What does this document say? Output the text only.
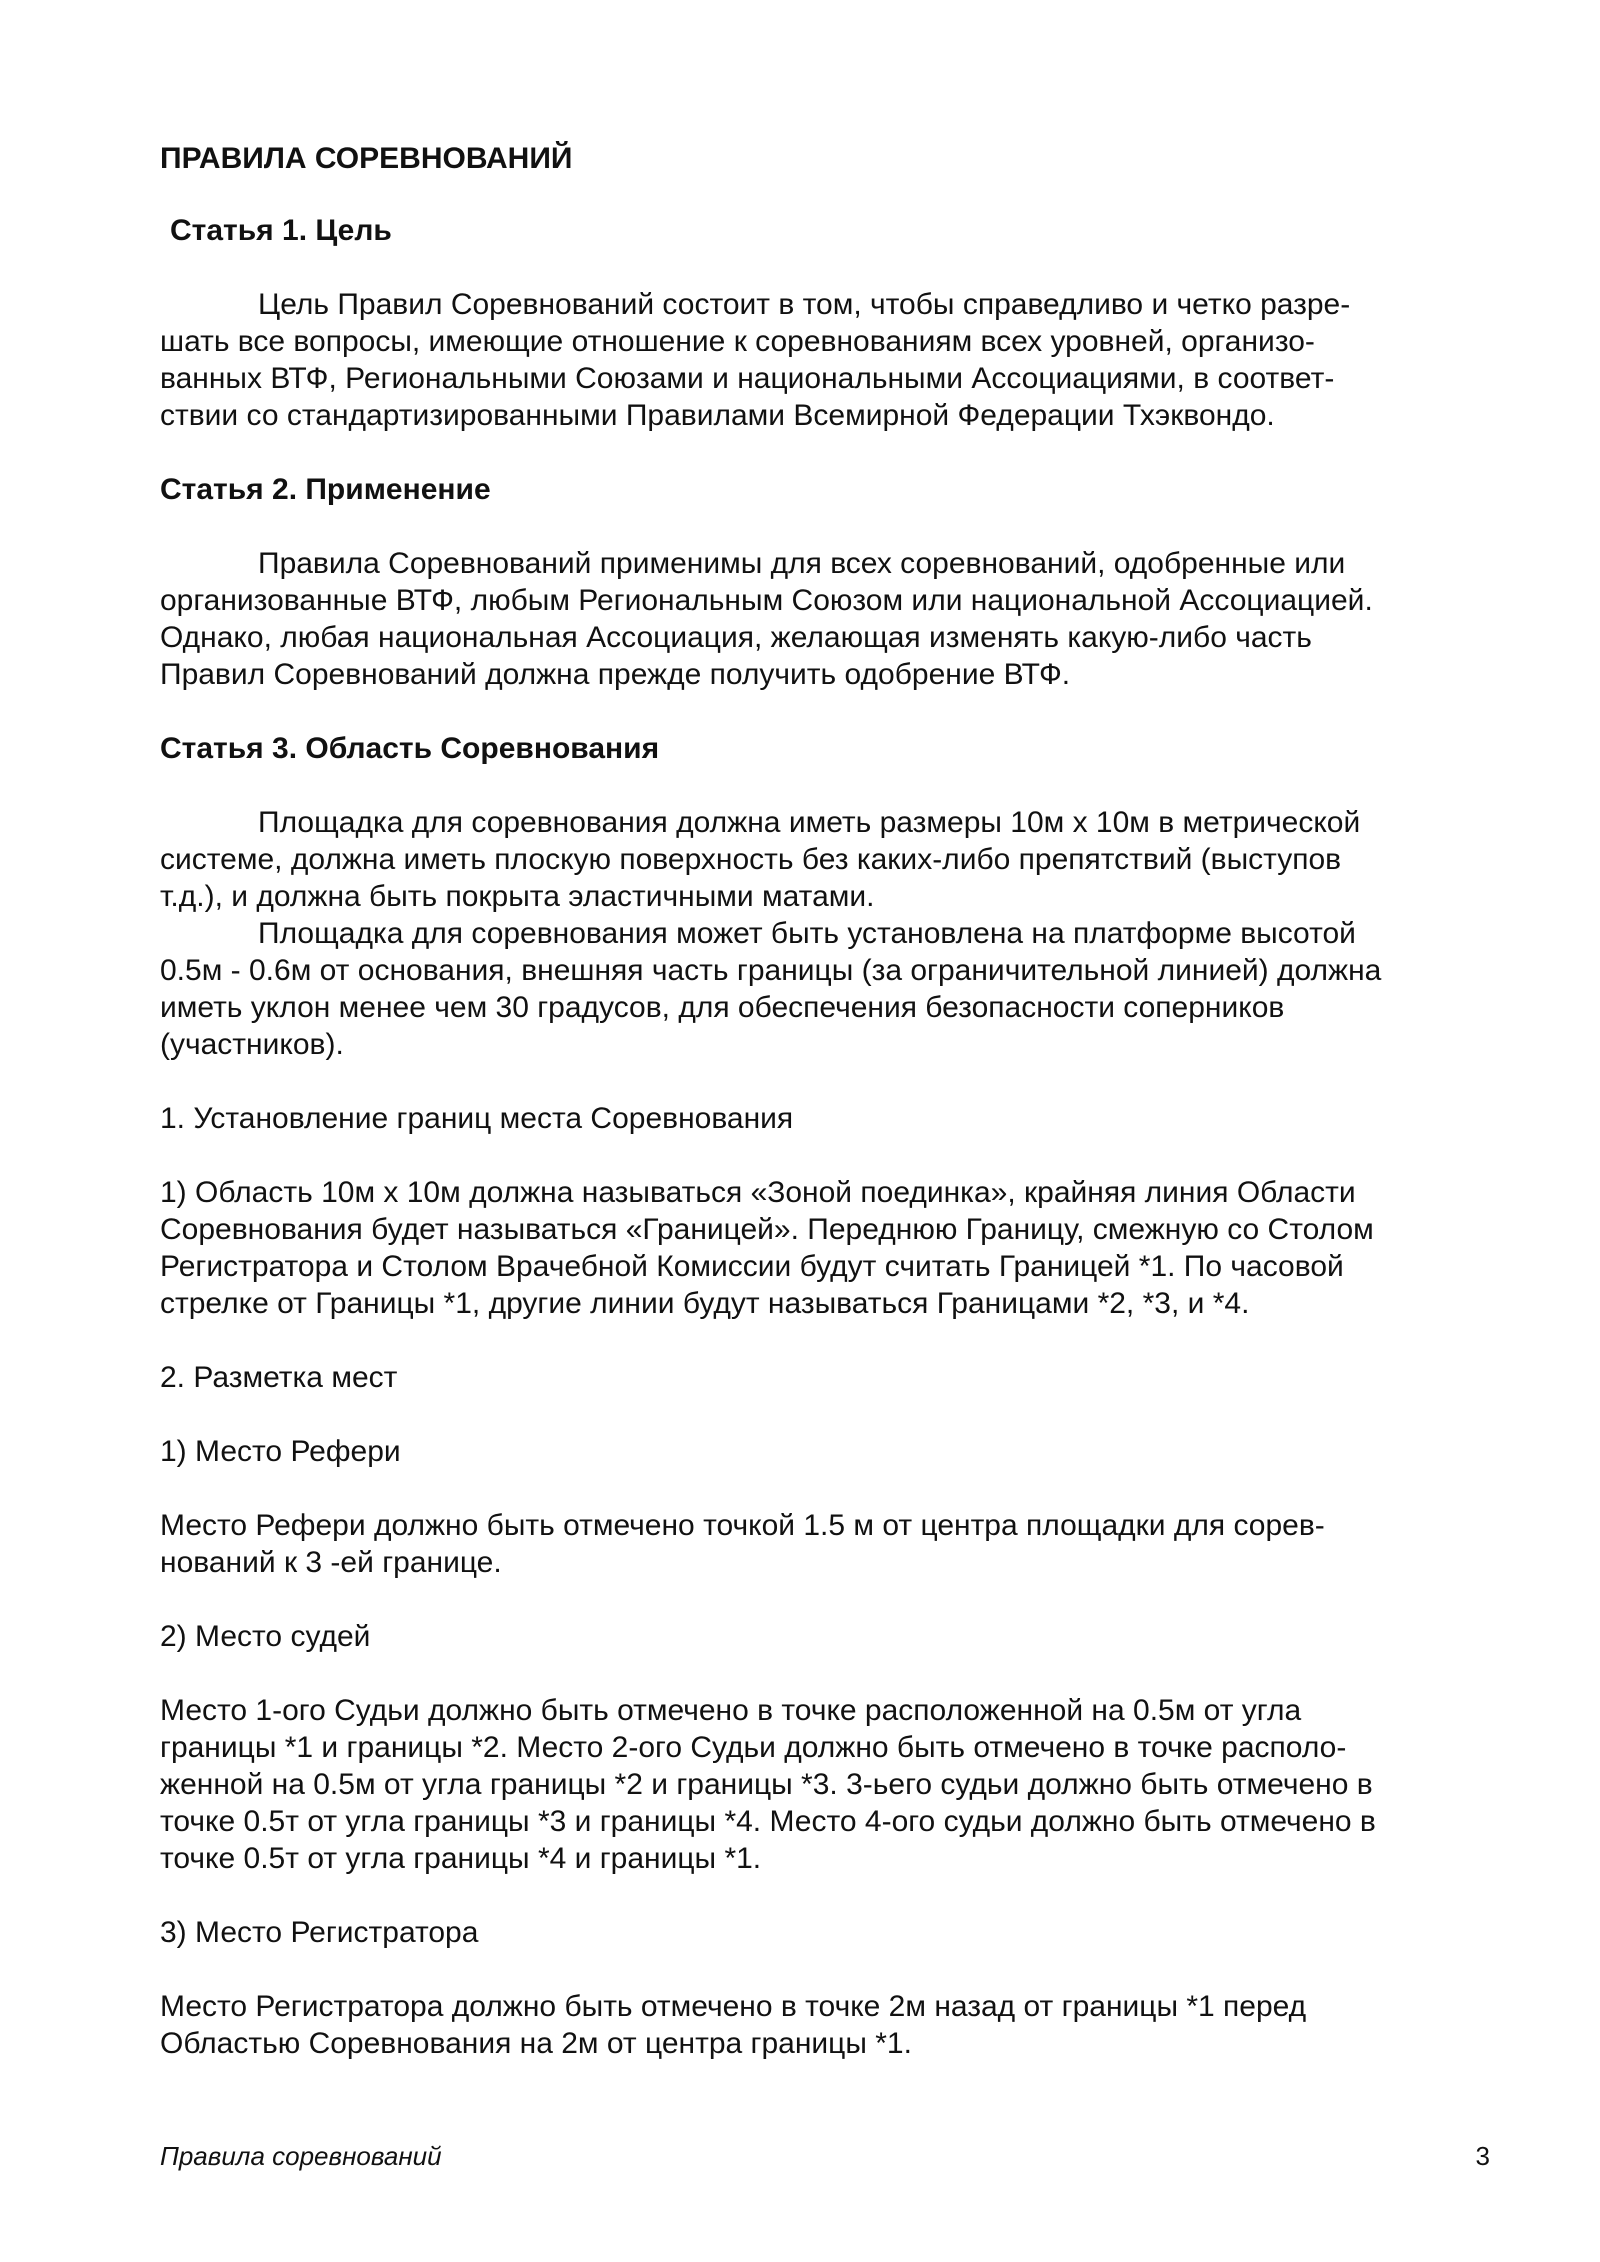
ПРАВИЛА СОРЕВНОВАНИЙ
Статья 1. Цель
Цель Правил Соревнований состоит в том, чтобы справедливо и четко разре-
шать все вопросы, имеющие отношение к соревнованиям всех уровней, организо-
ванных ВТФ, Региональными Союзами и национальными Ассоциациями, в соответ-
ствии со стандартизированными Правилами Всемирной Федерации Тхэквондо.
Статья 2. Применение
Правила Соревнований применимы для всех соревнований, одобренные или
организованные ВТФ, любым Региональным Союзом или национальной Ассоциацией.
Однако, любая национальная Ассоциация, желающая изменять какую-либо часть
Правил Соревнований должна прежде получить одобрение ВТФ.
Статья 3. Область Соревнования
Площадка для соревнования должна иметь размеры 10м х 10м в метрической
системе, должна иметь плоскую поверхность без каких-либо препятствий (выступов
т.д.), и должна быть покрыта эластичными матами.
Площадка для соревнования может быть установлена на платформе высотой
0.5м - 0.6м от основания, внешняя часть границы (за ограничительной линией) должна
иметь уклон менее чем 30 градусов, для обеспечения безопасности соперников
(участников).
1. Установление границ места Соревнования
1) Область 10м х 10м должна называться «Зоной поединка», крайняя линия Области
Соревнования будет называться «Границей». Переднюю Границу, смежную со Столом
Регистратора и Столом Врачебной Комиссии будут считать Границей *1. По часовой
стрелке от Границы *1, другие линии будут называться Границами *2, *3, и *4.
2. Разметка мест
1) Место Рефери
Место Рефери должно быть отмечено точкой 1.5 м от центра площадки для сорев-
нований к 3 -ей границе.
2) Место судей
Место 1-ого Судьи должно быть отмечено в точке расположенной на 0.5м от угла
границы *1 и границы *2. Место 2-ого Судьи должно быть отмечено в точке располо-
женной на 0.5м от угла границы *2 и границы *3. 3-ьего судьи должно быть отмечено в
точке 0.5т от угла границы *3 и границы *4. Место 4-ого судьи должно быть отмечено в
точке 0.5т от угла границы *4 и границы *1.
3) Место Регистратора
Место Регистратора должно быть отмечено в точке 2м назад от границы *1 перед
Областью Соревнования на 2м от центра границы *1.
Правила соревнований	3
